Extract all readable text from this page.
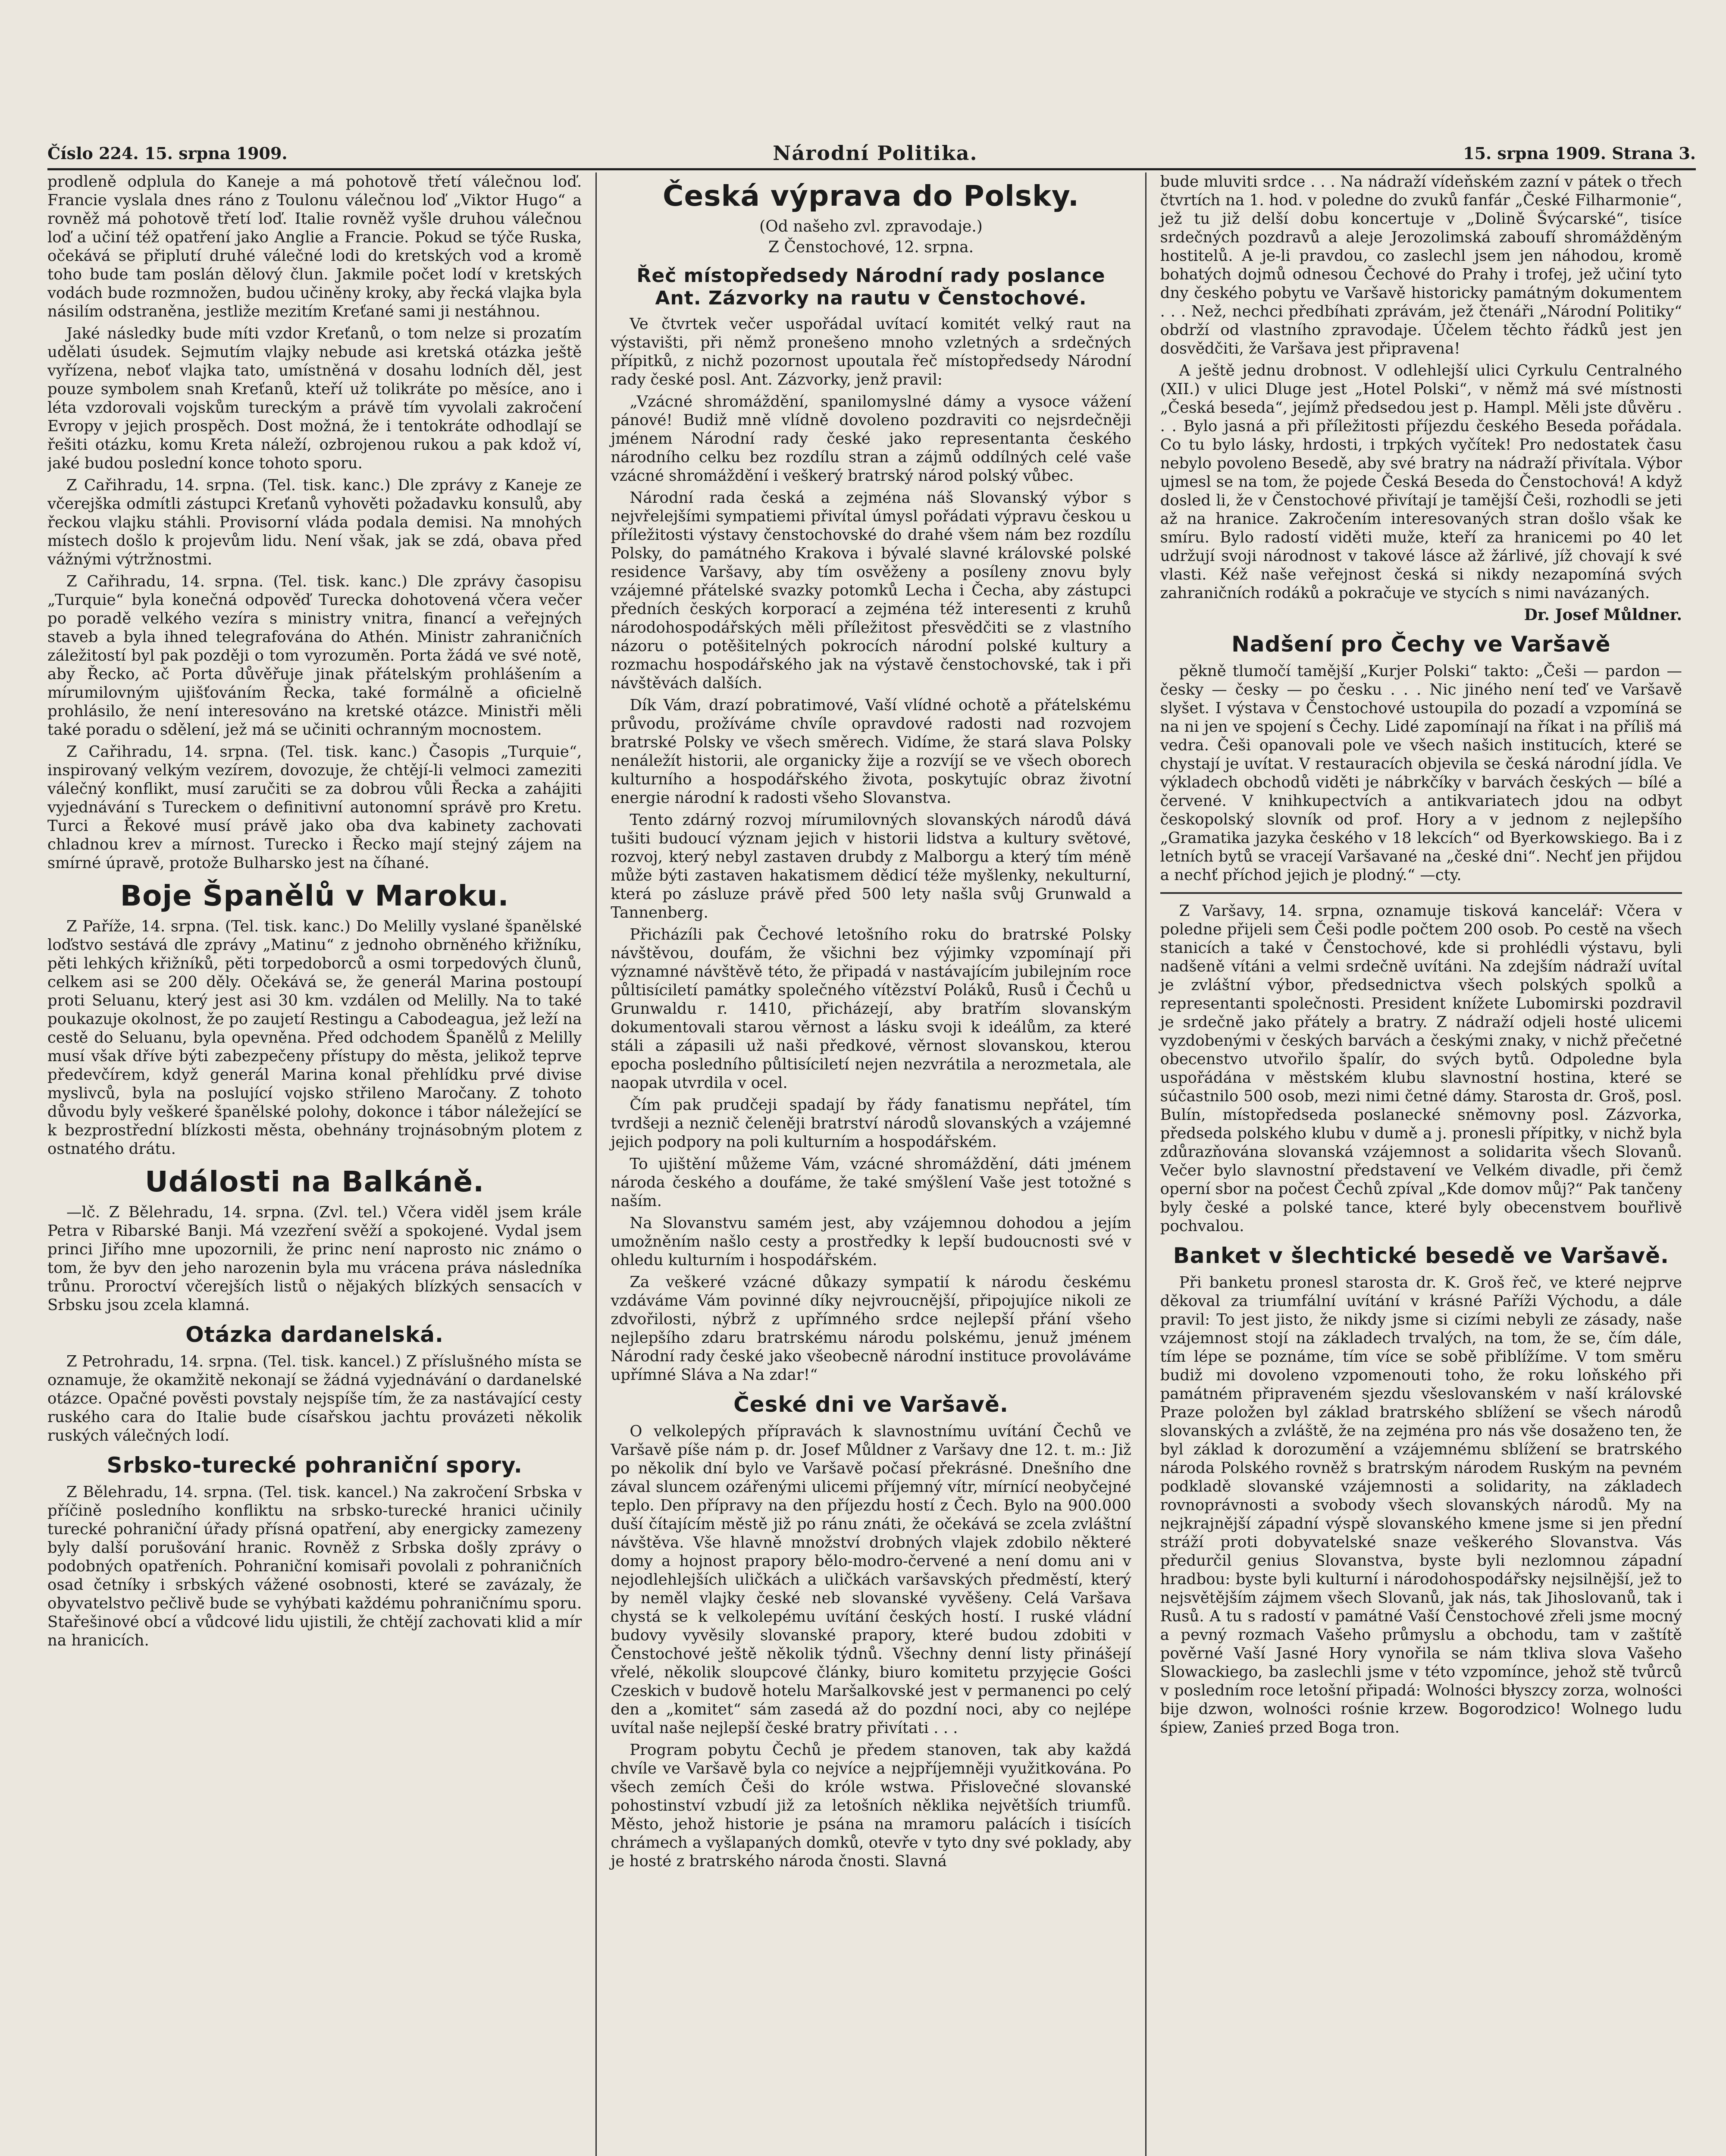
Číslo 224. 15. srpna 1909.	Národní Politika.	15. srpna 1909. Strana 3.

prodleně odplula do Kaneje a má pohotově třetí válečnou loď. Francie vyslala dnes ráno z Toulonu válečnou loď „Viktor Hugo“ a rovněž má pohotově třetí loď. Italie rovněž vyšle druhou válečnou loď a učiní též opatření jako Anglie a Francie. Pokud se týče Ruska, očekává se připlutí druhé válečné lodi do kretských vod a kromě toho bude tam poslán dělový člun. Jakmile počet lodí v kretských vodách bude rozmnožen, budou učiněny kroky, aby řecká vlajka byla násilím odstraněna, jestliže mezitím Kreťané sami ji nestáhnou.

Jaké následky bude míti vzdor Kreťanů, o tom nelze si prozatím udělati úsudek. Sejmutím vlajky nebude asi kretská otázka ještě vyřízena, neboť vlajka tato, umístněná v dosahu lodních děl, jest pouze symbolem snah Kreťanů, kteří už tolikráte po měsíce, ano i léta vzdorovali vojskům tureckým a právě tím vyvolali zakročení Evropy v jejich prospěch. Dost možná, že i tentokráte odhodlají se řešiti otázku, komu Kreta náleží, ozbrojenou rukou a pak kdož ví, jaké budou poslední konce tohoto sporu.

Z Cařihradu, 14. srpna. (Tel. tisk. kanc.) Dle zprávy z Kaneje ze včerejška odmítli zástupci Kreťanů vyhověti požadavku konsulů, aby řeckou vlajku stáhli. Provisorní vláda podala demisi. Na mnohých místech došlo k projevům lidu. Není však, jak se zdá, obava před vážnými výtržnostmi.

Z Cařihradu, 14. srpna. (Tel. tisk. kanc.) Dle zprávy časopisu „Turquie“ byla konečná odpověď Turecka dohotovená včera večer po poradě velkého vezíra s ministry vnitra, financí a veřejných staveb a byla ihned telegrafována do Athén. Ministr zahraničních záležitostí byl pak později o tom vyrozuměn. Porta žádá ve své notě, aby Řecko, ač Porta důvěřuje jinak přátelským prohlášením a mírumilovným ujišťováním Řecka, také formálně a oficielně prohlásilo, že není interesováno na kretské otázce. Ministři měli také poradu o sdělení, jež má se učiniti ochranným mocnostem.

Z Cařihradu, 14. srpna. (Tel. tisk. kanc.) Časopis „Turquie“, inspirovaný velkým vezírem, dovozuje, že chtějí-li velmoci zameziti válečný konflikt, musí zaručiti se za dobrou vůli Řecka a zahájiti vyjednávání s Tureckem o definitivní autonomní správě pro Kretu. Turci a Řekové musí právě jako oba dva kabinety zachovati chladnou krev a mírnost. Turecko i Řecko mají stejný zájem na smírné úpravě, protože Bulharsko jest na číhané.

Boje Španělů v Maroku.

Z Paříže, 14. srpna. (Tel. tisk. kanc.) Do Melilly vyslané španělské loďstvo sestává dle zprávy „Matinu“ z jednoho obrněného křižníku, pěti lehkých křižníků, pěti torpedoborců a osmi torpedových člunů, celkem asi se 200 děly. Očekává se, že generál Marina postoupí proti Seluanu, který jest asi 30 km. vzdálen od Melilly. Na to také poukazuje okolnost, že po zaujetí Restingu a Cabodeagua, jež leží na cestě do Seluanu, byla opevněna. Před odchodem Španělů z Melilly musí však dříve býti zabezpečeny přístupy do města, jelikož teprve předevčírem, když generál Marina konal přehlídku prvé divise myslivců, byla na poslující vojsko střileno Maročany. Z tohoto důvodu byly veškeré španělské polohy, dokonce i tábor náležející se k bezprostřední blízkosti města, obehnány trojnásobným plotem z ostnatého drátu.

Události na Balkáně.

—lč. Z Bělehradu, 14. srpna. (Zvl. tel.) Včera viděl jsem krále Petra v Ribarské Banji. Má vzezření svěží a spokojené. Vydal jsem princi Jiřího mne upozornili, že princ není naprosto nic známo o tom, že byv den jeho narozenin byla mu vrácena práva následníka trůnu. Proroctví včerejších listů o nějakých blízkých sensacích v Srbsku jsou zcela klamná.

Otázka dardanelská.

Z Petrohradu, 14. srpna. (Tel. tisk. kancel.) Z příslušného místa se oznamuje, že okamžitě nekonají se žádná vyjednávání o dardanelské otázce. Opačné pověsti povstaly nejspíše tím, že za nastávající cesty ruského cara do Italie bude císařskou jachtu provázeti několik ruských válečných lodí.

Srbsko-turecké pohraniční spory.

Z Bělehradu, 14. srpna. (Tel. tisk. kancel.) Na zakročení Srbska v příčině posledního konfliktu na srbsko-turecké hranici učinily turecké pohraniční úřady přísná opatření, aby energicky zamezeny byly další porušování hranic. Rovněž z Srbska došly zprávy o podobných opatřeních. Pohraniční komisaři povolali z pohraničních osad četníky i srbských vážené osobnosti, které se zavázaly, že obyvatelstvo pečlivě bude se vyhýbati každému pohraničnímu sporu. Stařešinové obcí a vůdcové lidu ujistili, že chtějí zachovati klid a mír na hranicích.

Česká výprava do Polsky.
(Od našeho zvl. zpravodaje.)
Z Čenstochové, 12. srpna.
Řeč místopředsedy Národní rady poslance Ant. Zázvorky na rautu v Čenstochové.

Ve čtvrtek večer uspořádal uvítací komitét velký raut na výstavišti, při němž pronešeno mnoho vzletných a srdečných přípitků, z nichž pozornost upoutala řeč místopředsedy Národní rady české posl. Ant. Zázvorky, jenž pravil:

„Vzácné shromáždění, spanilomyslné dámy a vysoce vážení pánové! Budiž mně vlídně dovoleno pozdraviti co nejsrdečněji jménem Národní rady české jako representanta českého národního celku bez rozdílu stran a zájmů oddílných celé vaše vzácné shromáždění i veškerý bratrský národ polský vůbec.

Národní rada česká a zejména náš Slovanský výbor s nejvřelejšími sympatiemi přivítal úmysl pořádati výpravu českou u příležitosti výstavy čenstochovské do drahé všem nám bez rozdílu Polsky, do památného Krakova i bývalé slavné královské polské residence Varšavy, aby tím osvěženy a posíleny znovu byly vzájemné přátelské svazky potomků Lecha i Čecha, aby zástupci předních českých korporací a zejména též interesenti z kruhů národohospodářských měli příležitost přesvědčiti se z vlastního názoru o potěšitelných pokrocích národní polské kultury a rozmachu hospodářského jak na výstavě čenstochovské, tak i při návštěvách dalších.

Dík Vám, drazí pobratimové, Vaší vlídné ochotě a přátelskému průvodu, prožíváme chvíle opravdové radosti nad rozvojem bratrské Polsky ve všech směrech. Vidíme, že stará slava Polsky nenáležít historii, ale organicky žije a rozvíjí se ve všech oborech kulturního a hospodářského života, poskytujíc obraz životní energie národní k radosti všeho Slovanstva.

Tento zdárný rozvoj mírumilovných slovanských národů dává tušiti budoucí význam jejich v historii lidstva a kultury světové, rozvoj, který nebyl zastaven drubdy z Malborgu a který tím méně může býti zastaven hakatismem dědicí téže myšlenky, nekulturní, která po zásluze právě před 500 lety našla svůj Grunwald a Tannenberg.

Přicházíli pak Čechové letošního roku do bratrské Polsky návštěvou, doufám, že všichni bez výjimky vzpomínají při významné návštěvě této, že připadá v nastávajícím jubilejním roce půltisíciletí památky společného vítězství Poláků, Rusů i Čechů u Grunwaldu r. 1410, přicházejí, aby bratřím slovanským dokumentovali starou věrnost a lásku svoji k ideálům, za které stáli a zápasili už naši předkové, věrnost slovanskou, kterou epocha posledního půltisíciletí nejen nezvrátila a nerozmetala, ale naopak utvrdila v ocel.

Čím pak prudčeji spadají by řády fanatismu nepřátel, tím tvrdšeji a neznič čeleněji bratrství národů slovanských a vzájemné jejich podpory na poli kulturním a hospodářském.

To ujištění můžeme Vám, vzácné shromáždění, dáti jménem národa českého a doufáme, že také smýšlení Vaše jest totožné s naším.

Na Slovanstvu samém jest, aby vzájemnou dohodou a jejím umožněním našlo cesty a prostředky k lepší budoucnosti své v ohledu kulturním i hospodářském.

Za veškeré vzácné důkazy sympatií k národu českému vzdáváme Vám povinné díky nejvroucnější, připojujíce nikoli ze zdvořilosti, nýbrž z upřímného srdce nejlepší přání všeho nejlepšího zdaru bratrskému národu polskému, jenuž jménem Národní rady české jako všeobecně národní instituce provoláváme upřímné Sláva a Na zdar!“

České dni ve Varšavě.

O velkolepých přípravách k slavnostnímu uvítání Čechů ve Varšavě píše nám p. dr. Josef Můldner z Varšavy dne 12. t. m.: Již po několik dní bylo ve Varšavě počasí překrásné. Dnešního dne zával sluncem ozářenými ulicemi příjemný vítr, mírnící neobyčejné teplo. Den přípravy na den příjezdu hostí z Čech. Bylo na 900.000 duší čítajícím městě již po ránu znáti, že očekává se zcela zvláštní návštěva. Vše hlavně množství drobných vlajek zdobilo některé domy a hojnost prapory bělo-modro-červené a není domu ani v nejodlehlejších uličkách a uličkách varšavských předměstí, který by neměl vlajky české neb slovanské vyvěšeny. Celá Varšava chystá se k velkolepému uvítání českých hostí. I ruské vládní budovy vyvěsily slovanské prapory, které budou zdobiti v Čenstochové ještě několik týdnů. Všechny denní listy přinášejí vřelé, několik sloupcové články, biuro komitetu przyjęcie Gości Czeskich v budově hotelu Maršalkovské jest v permanenci po celý den a „komitet“ sám zasedá až do pozdní noci, aby co nejlépe uvítal naše nejlepší české bratry přivítati . . .

Program pobytu Čechů je předem stanoven, tak aby každá chvíle ve Varšavě byla co nejvíce a nejpříjemněji využitkována. Po všech zemích Češi do króle wstwa. Přislovečné slovanské pohostinství vzbudí již za letošních něklika největších triumfů. Město, jehož historie je psána na mramoru palácích i tisících chrámech a vyšlapaných domků, otevře v tyto dny své poklady, aby je hosté z bratrského národa čnosti. Slavná

bude mluviti srdce . . . Na nádraží vídeňském zazní v pátek o třech čtvrtích na 1. hod. v poledne do zvuků fanfár „České Filharmonie“, jež tu již delší dobu koncertuje v „Dolině Švýcarské“, tisíce srdečných pozdravů a aleje Jerozolimská zaboufí shromážděným hostitelů. A je-li pravdou, co zaslechl jsem jen náhodou, kromě bohatých dojmů odnesou Čechové do Prahy i trofej, jež učiní tyto dny českého pobytu ve Varšavě historicky památným dokumentem . . . Než, nechci předbíhati zprávám, jež čtenáři „Národní Politiky“ obdrží od vlastního zpravodaje. Účelem těchto řádků jest jen dosvědčiti, že Varšava jest připravena!

A ještě jednu drobnost. V odlehlejší ulici Cyrkulu Centralného (XII.) v ulici Dluge jest „Hotel Polski“, v němž má své místnosti „Česká beseda“, jejímž předsedou jest p. Hampl. Měli jste důvěru . . . Bylo jasná a při příležitosti příjezdu českého Beseda pořádala. Co tu bylo lásky, hrdosti, i trpkých vyčítek! Pro nedostatek času nebylo povoleno Besedě, aby své bratry na nádraží přivítala. Výbor ujmesl se na tom, že pojede Česká Beseda do Čenstochová! A když dosled li, že v Čenstochové přivítají je tamější Češi, rozhodli se jeti až na hranice. Zakročením interesovaných stran došlo však ke smíru. Bylo radostí viděti muže, kteří za hranicemi po 40 let udržují svoji národnost v takové lásce až žárlivé, jíž chovají k své vlasti. Kéž naše veřejnost česká si nikdy nezapomíná svých zahraničních rodáků a pokračuje ve stycích s nimi navázaných.

Dr. Josef Můldner.
Nadšení pro Čechy ve Varšavě

pěkně tlumočí tamější „Kurjer Polski“ takto: „Češi — pardon — česky — česky — po česku . . . Nic jiného není teď ve Varšavě slyšet. I výstava v Čenstochové ustoupila do pozadí a vzpomíná se na ni jen ve spojení s Čechy. Lidé zapomínají na říkat i na příliš má vedra. Češi opanovali pole ve všech našich institucích, které se chystají je uvítat. V restauracích objevila se česká národní jídla. Ve výkladech obchodů viděti je nábrkčíky v barvách českých — bílé a červené. V knihkupectvích a antikvariatech jdou na odbyt českopolský slovník od prof. Hory a v jednom z nejlepšího „Gramatika jazyka českého v 18 lekcích“ od Byerkowskiego. Ba i z letních bytů se vracejí Varšavané na „české dni“. Nechť jen přijdou a nechť příchod jejich je plodný.“ —cty.

Z Varšavy, 14. srpna, oznamuje tisková kancelář: Včera v poledne přijeli sem Češi podle počtem 200 osob. Po cestě na všech stanicích a také v Čenstochové, kde si prohlédli výstavu, byli nadšeně vítáni a velmi srdečně uvítáni. Na zdejším nádraží uvítal je zvláštní výbor, předsednictva všech polských spolků a representanti společnosti. President knížete Lubomirski pozdravil je srdečně jako přátely a bratry. Z nádraží odjeli hosté ulicemi vyzdobenými v českých barvách a českými znaky, v nichž přečetné obecenstvo utvořilo špalír, do svých bytů. Odpoledne byla uspořádána v městském klubu slavnostní hostina, které se súčastnilo 500 osob, mezi nimi četné dámy. Starosta dr. Groš, posl. Bulín, místopředseda poslanecké sněmovny posl. Zázvorka, předseda polského klubu v dumě a j. pronesli přípitky, v nichž byla zdůrazňována slovanská vzájemnost a solidarita všech Slovanů. Večer bylo slavnostní představení ve Velkém divadle, při čemž operní sbor na počest Čechů zpíval „Kde domov můj?“ Pak tančeny byly české a polské tance, které byly obecenstvem bouřlivě pochvalou.

Banket v šlechtické besedě ve Varšavě.

Při banketu pronesl starosta dr. K. Groš řeč, ve které nejprve děkoval za triumfální uvítání v krásné Paříži Východu, a dále pravil: To jest jisto, že nikdy jsme si cizími nebyli ze zásady, naše vzájemnost stojí na základech trvalých, na tom, že se, čím dále, tím lépe se poznáme, tím více se sobě přiblížíme. V tom směru budiž mi dovoleno vzpomenouti toho, že roku loňského při památném připraveném sjezdu všeslovanském v naší královské Praze položen byl základ bratrského sblížení se všech národů slovanských a zvláště, že na zejména pro nás vše dosaženo ten, že byl základ k dorozumění a vzájemnému sblížení se bratrského národa Polského rovněž s bratrským národem Ruským na pevném podkladě slovanské vzájemnosti a solidarity, na základech rovnoprávnosti a svobody všech slovanských národů. My na nejkrajnější západní výspě slovanského kmene jsme si jen přední stráží proti dobyvatelské snaze veškerého Slovanstva. Vás předurčil genius Slovanstva, byste byli nezlomnou západní hradbou: byste byli kulturní i národohospodářsky nejsilnější, jež to nejsvětějším zájmem všech Slovanů, jak nás, tak Jihoslovanů, tak i Rusů. A tu s radostí v památné Vaší Čenstochové zřeli jsme mocný a pevný rozmach Vašeho průmyslu a obchodu, tam v zaštítě pověrné Vaší Jasné Hory vynořila se nám tkliva slova Vašeho Slowackiego, ba zaslechli jsme v této vzpomínce, jehož stě tvůrců v posledním roce letošní připadá: Wolności błyszcy zorza, wolności bije dzwon, wolności rośnie krzew. Bogorodzico! Wolnego ludu śpiew, Zanieś przed Boga tron.
